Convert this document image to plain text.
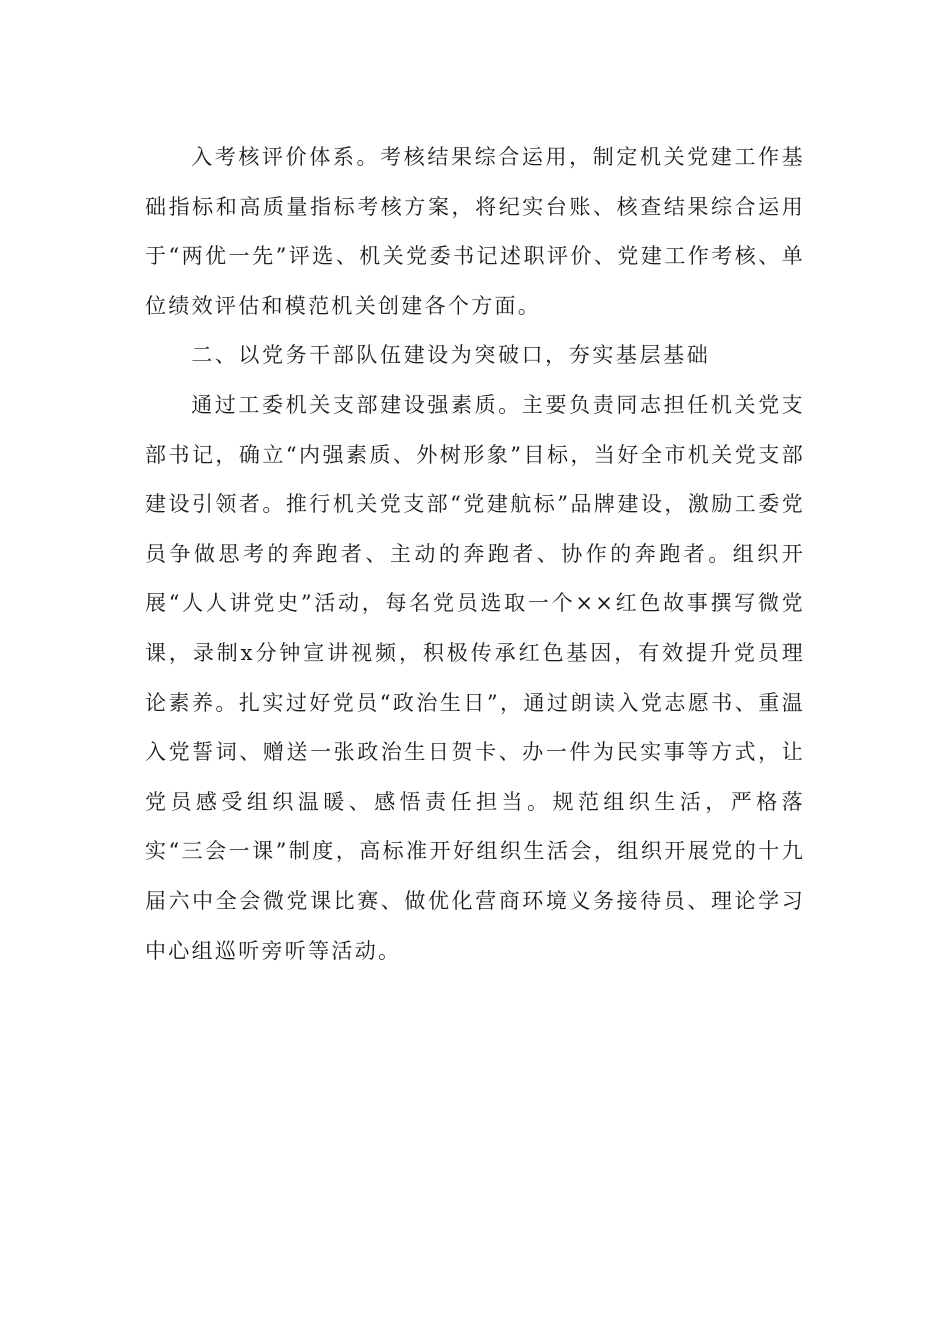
入考核评价体系。考核结果综合运用，制定机关党建工作基础指标和高质量指标考核方案，将纪实台账、核查结果综合运用于“两优一先”评选、机关党委书记述职评价、党建工作考核、单位绩效评估和模范机关创建各个方面。

二、以党务干部队伍建设为突破口，夯实基层基础

通过工委机关支部建设强素质。主要负责同志担任机关党支部书记，确立“内强素质、外树形象”目标，当好全市机关党支部建设引领者。推行机关党支部“党建航标”品牌建设，激励工委党员争做思考的奔跑者、主动的奔跑者、协作的奔跑者。组织开展“人人讲党史”活动，每名党员选取一个××红色故事撰写微党课，录制x分钟宣讲视频，积极传承红色基因，有效提升党员理论素养。扎实过好党员“政治生日”，通过朗读入党志愿书、重温入党誓词、赠送一张政治生日贺卡、办一件为民实事等方式，让党员感受组织温暖、感悟责任担当。规范组织生活，严格落实“三会一课”制度，高标准开好组织生活会，组织开展党的十九届六中全会微党课比赛、做优化营商环境义务接待员、理论学习中心组巡听旁听等活动。
